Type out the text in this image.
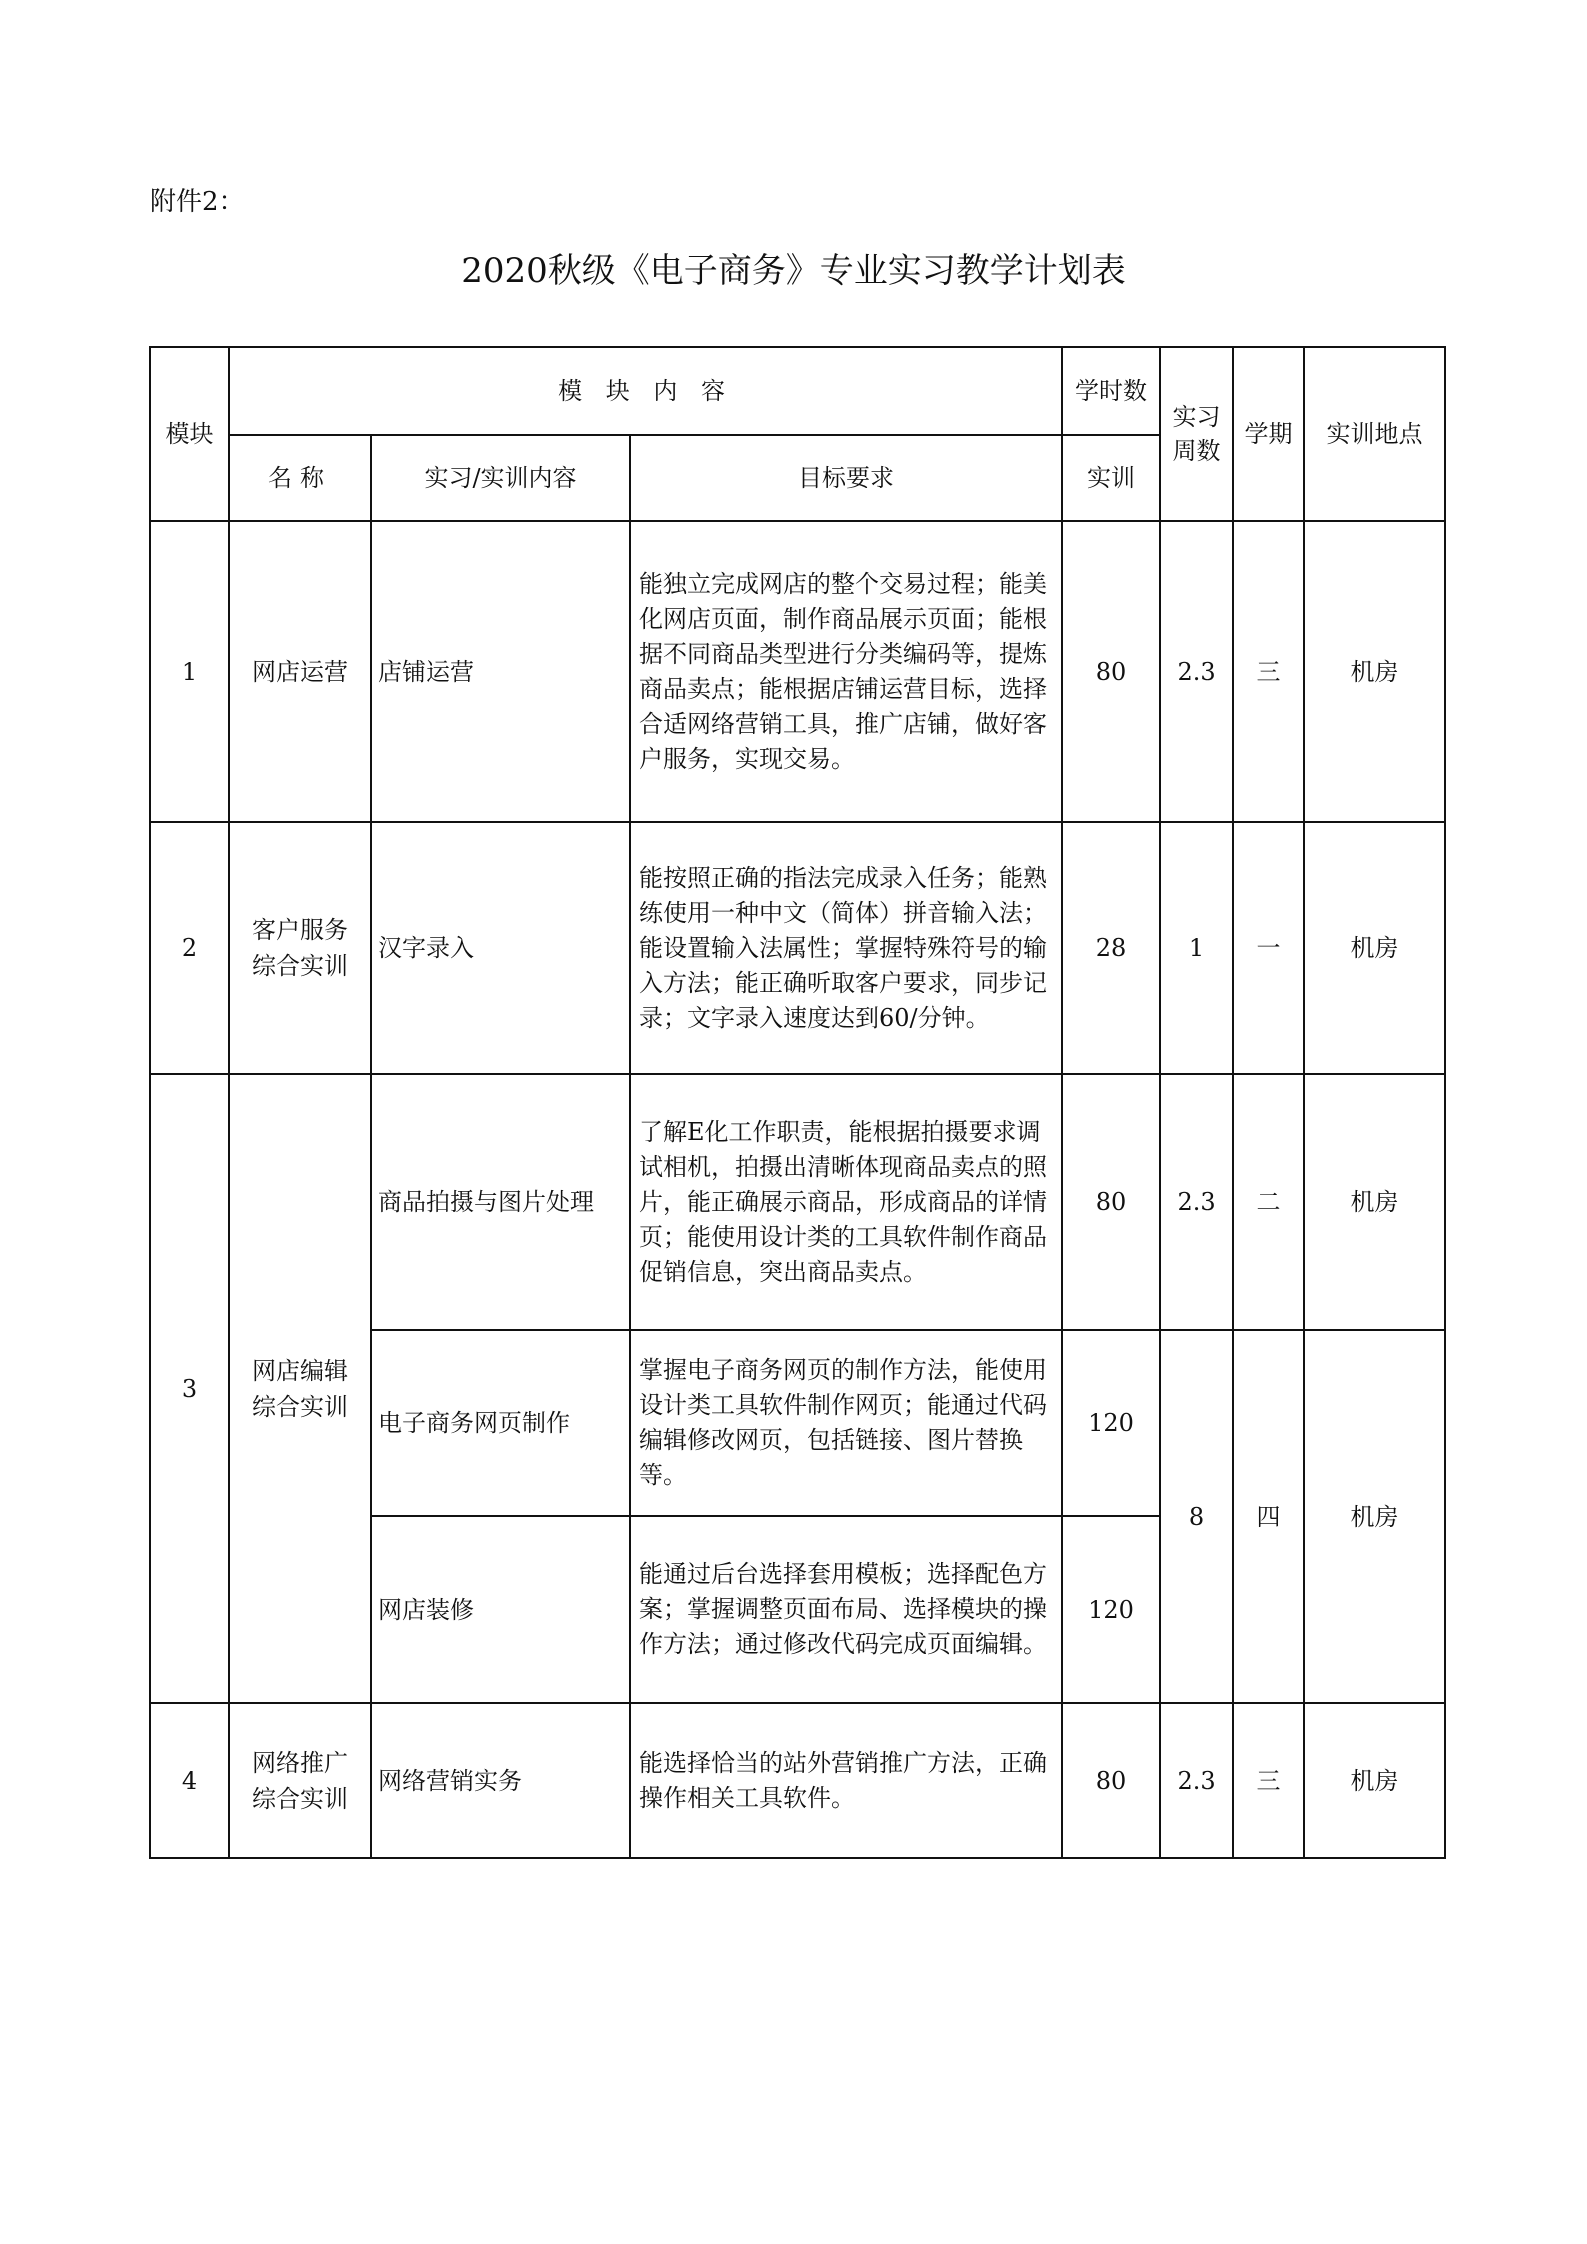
附件2：
2020秋级《电子商务》专业实习教学计划表
模块	模 块 内 容			学时数	实习周数	学期	实训地点
	名称	实习/实训内容	目标要求	实训			
1	网店运营	店铺运营	能独立完成网店的整个交易过程；能美化网店页面，制作商品展示页面；能根据不同商品类型进行分类编码等，提炼商品卖点；能根据店铺运营目标，选择合适网络营销工具，推广店铺，做好客户服务，实现交易。	80	2.3	三	机房
2	客户服务综合实训	汉字录入	能按照正确的指法完成录入任务；能熟练使用一种中文（简体）拼音输入法；能设置输入法属性；掌握特殊符号的输入方法；能正确听取客户要求，同步记录；文字录入速度达到60/分钟。	28	1	一	机房
3	网店编辑综合实训	商品拍摄与图片处理	了解E化工作职责，能根据拍摄要求调试相机，拍摄出清晰体现商品卖点的照片，能正确展示商品，形成商品的详情页；能使用设计类的工具软件制作商品促销信息，突出商品卖点。	80	2.3	二	机房
		电子商务网页制作	掌握电子商务网页的制作方法，能使用设计类工具软件制作网页；能通过代码编辑修改网页，包括链接、图片替换等。	120	8	四	机房
		网店装修	能通过后台选择套用模板；选择配色方案；掌握调整页面布局、选择模块的操作方法；通过修改代码完成页面编辑。	120			
4	网络推广综合实训	网络营销实务	能选择恰当的站外营销推广方法，正确操作相关工具软件。	80	2.3	三	机房
